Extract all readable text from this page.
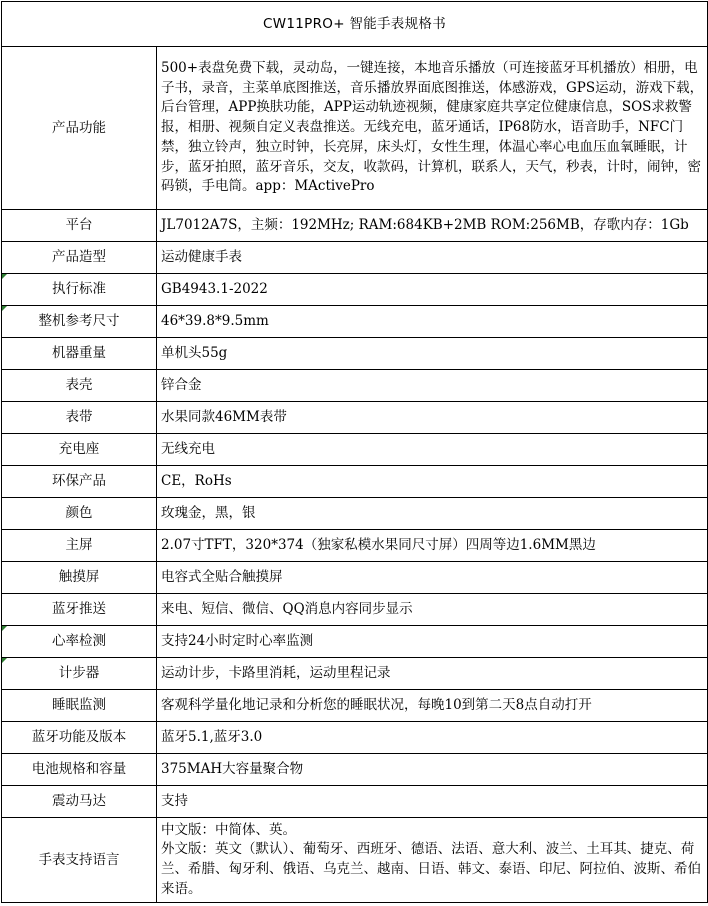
CW11PRO+ 智能手表规格书	
产品功能	500+表盘免费下载，灵动岛，一键连接，本地音乐播放（可连接蓝牙耳机播放）相册，电子书，录音，主菜单底图推送，音乐播放界面底图推送，体感游戏，GPS运动，游戏下载，后台管理，APP换肤功能，APP运动轨迹视频，健康家庭共享定位健康信息，SOS求救警报，相册、视频自定义表盘推送。无线充电，蓝牙通话，IP68防水，语音助手，NFC门禁，独立铃声，独立时钟，长亮屏，床头灯，女性生理，体温心率心电血压血氧睡眠，计步，蓝牙拍照，蓝牙音乐，交友，收款码，计算机，联系人，天气，秒表，计时，闹钟，密码锁，手电筒。app：MActivePro
平台	JL7012A7S，主频：192MHz; RAM:684KB+2MB ROM:256MB，存歌内存：1Gb
产品造型	运动健康手表

执行标准	GB4943.1-2022

整机参考尺寸	46*39.8*9.5mm
机器重量	单机头55g
表壳	锌合金
表带	水果同款46MM表带
充电座	无线充电
环保产品	CE，RoHs
颜色	玫瑰金，黑，银
主屏	2.07寸TFT，320*374（独家私模水果同尺寸屏）四周等边1.6MM黑边
触摸屏	电容式全贴合触摸屏
蓝牙推送	来电、短信、微信、QQ消息内容同步显示

心率检测	支持24小时定时心率监测

计步器	运动计步，卡路里消耗，运动里程记录
睡眠监测	客观科学量化地记录和分析您的睡眠状况，每晚10到第二天8点自动打开
蓝牙功能及版本	蓝牙5.1,蓝牙3.0
电池规格和容量	375MAH大容量聚合物
震动马达	支持
手表支持语言	中文版：中简体、英。
外文版：英文（默认）、葡萄牙、西班牙、德语、法语、意大利、波兰、土耳其、捷克、荷兰、希腊、匈牙利、俄语、乌克兰、越南、日语、韩文、泰语、印尼、阿拉伯、波斯、希伯来语。
